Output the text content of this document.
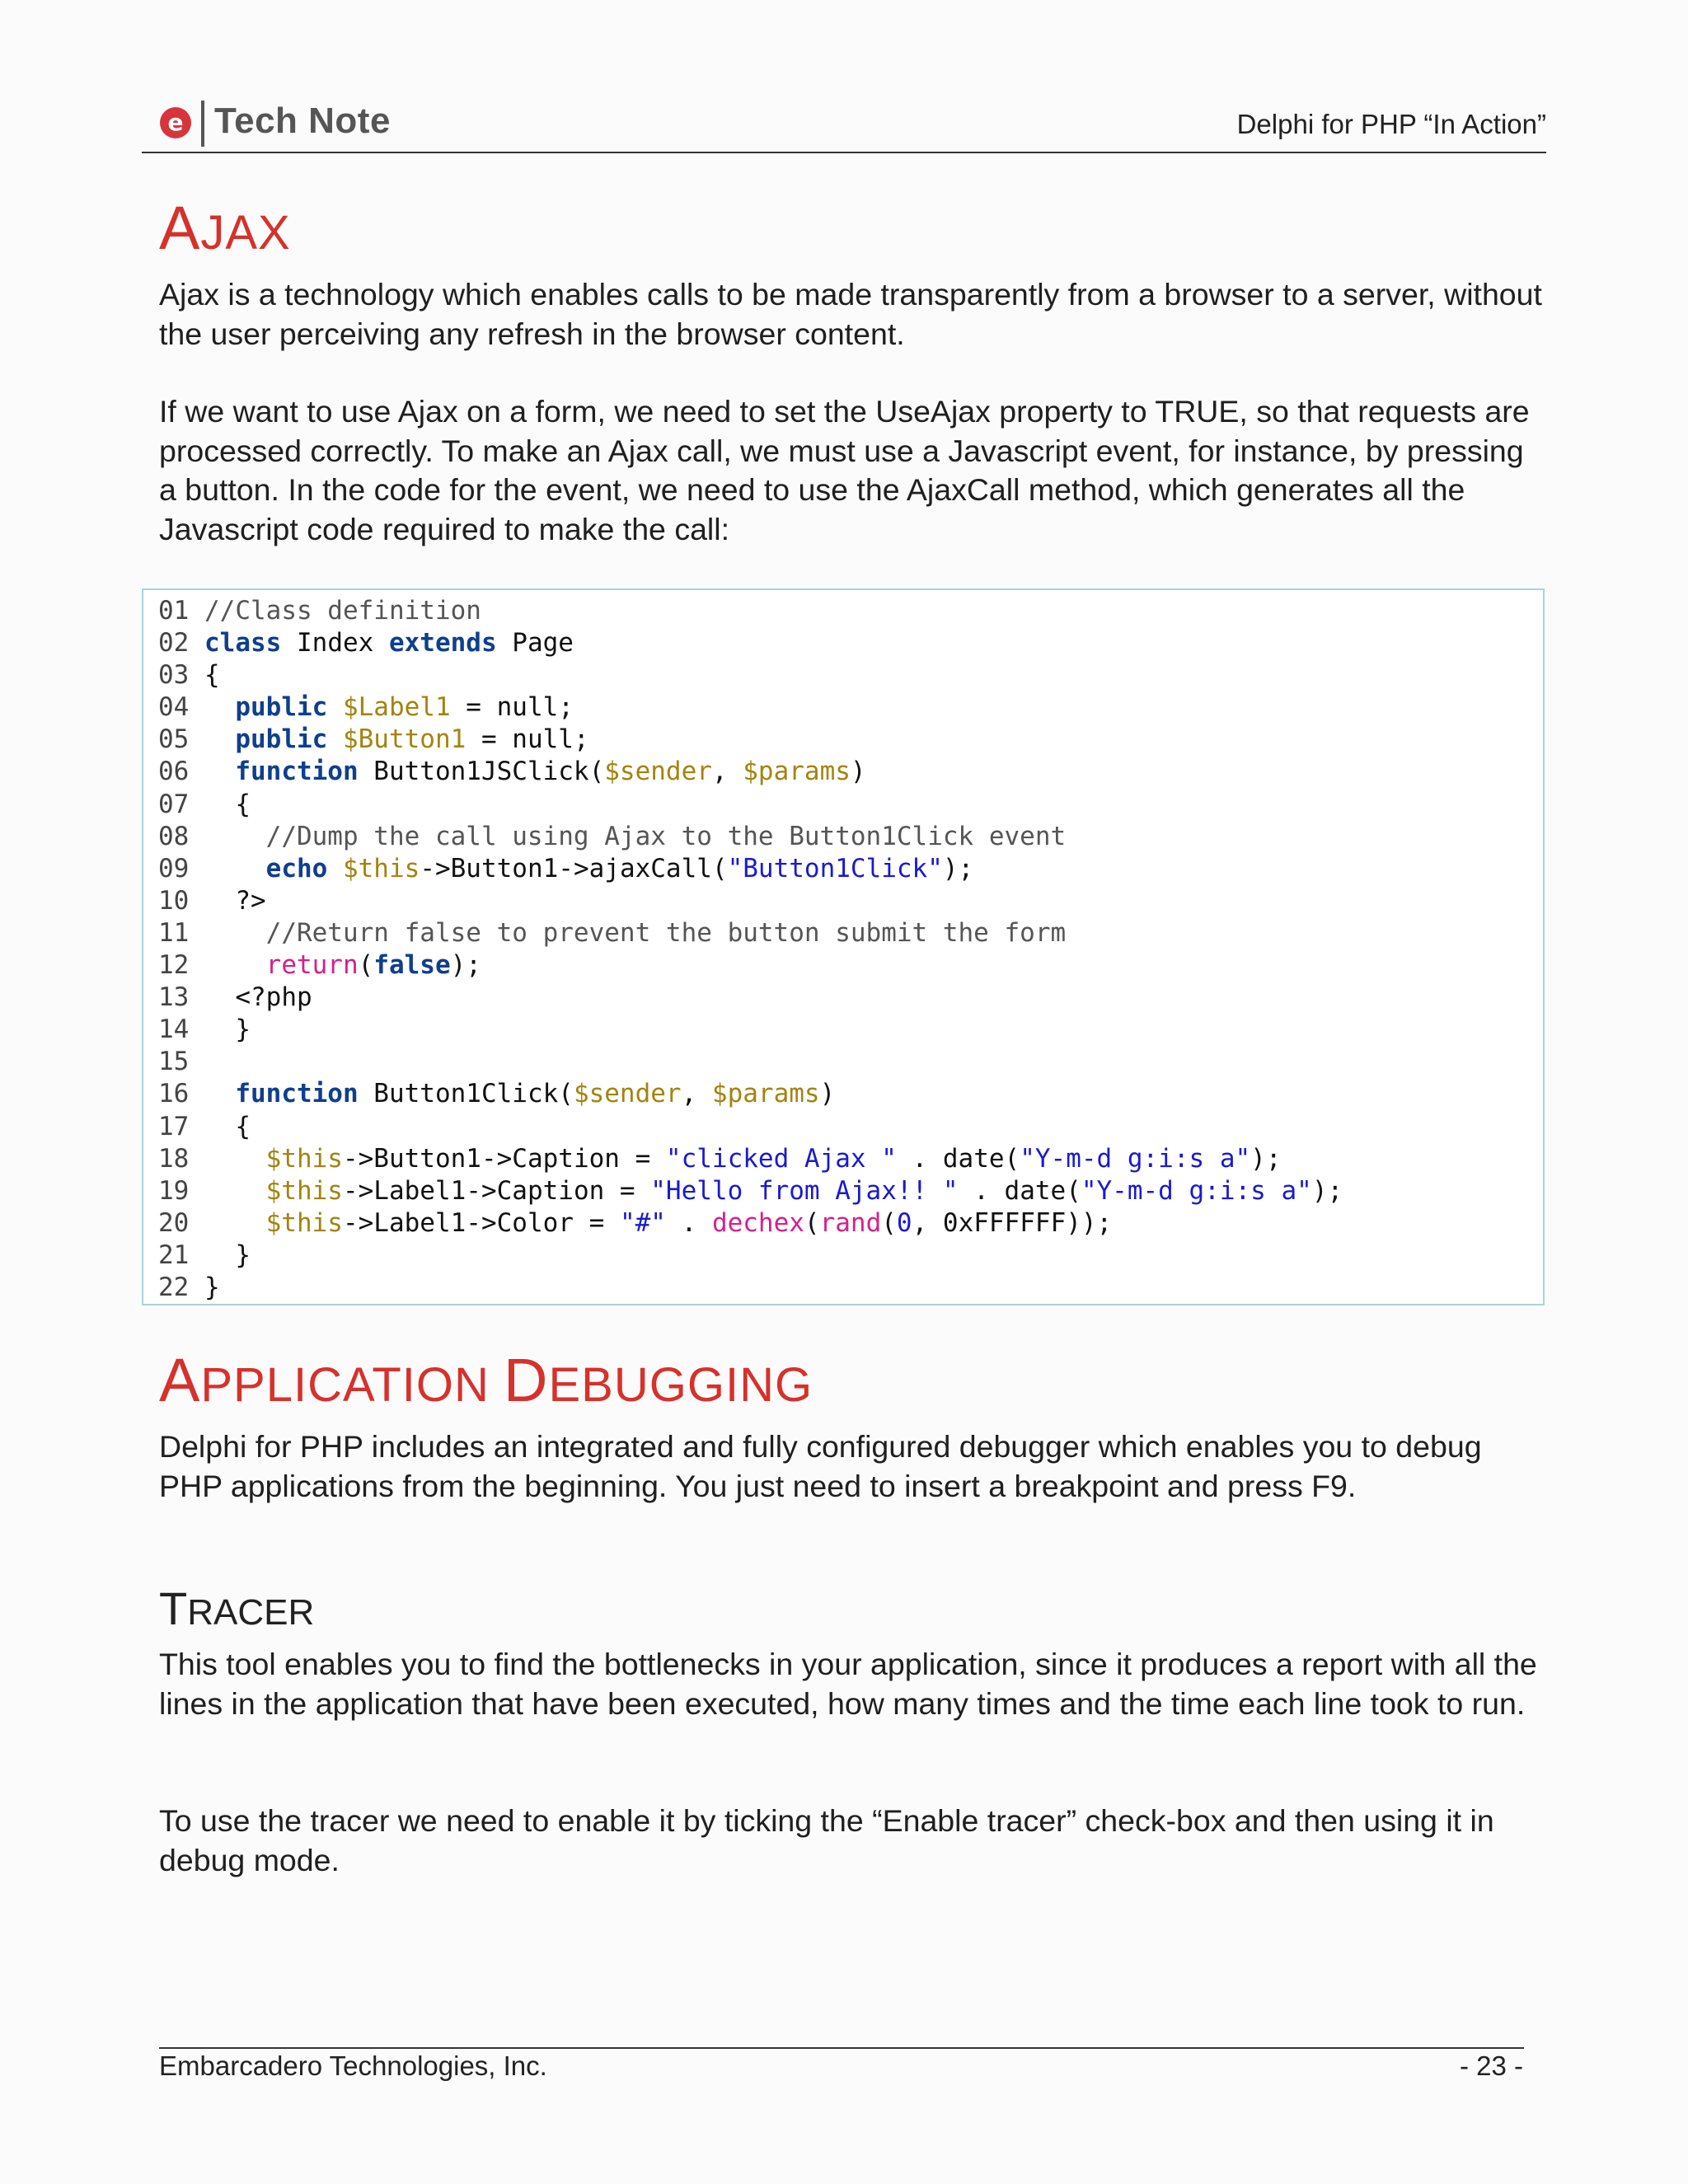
e Tech Note	Delphi for PHP “In Action”
AJAX

Ajax is a technology which enables calls to be made transparently from a browser to a server, without the user perceiving any refresh in the browser content.

If we want to use Ajax on a form, we need to set the UseAjax property to TRUE, so that requests are processed correctly. To make an Ajax call, we must use a Javascript event, for instance, by pressing a button. In the code for the event, we need to use the AjaxCall method, which generates all the Javascript code required to make the call:

01 //Class definition
02 class Index extends Page
03 {
04   public $Label1 = null;
05   public $Button1 = null;
06   function Button1JSClick($sender, $params)
07   {
08     //Dump the call using Ajax to the Button1Click event
09     echo $this->Button1->ajaxCall("Button1Click");
10   ?>
11     //Return false to prevent the button submit the form
12     return(false);
13   <?php
14   }
15
16   function Button1Click($sender, $params)
17   {
18     $this->Button1->Caption = "clicked Ajax " . date("Y-m-d g:i:s a");
19     $this->Label1->Caption = "Hello from Ajax!! " . date("Y-m-d g:i:s a");
20     $this->Label1->Color = "#" . dechex(rand(0, 0xFFFFFF));
21   }
22 }
APPLICATION DEBUGGING

Delphi for PHP includes an integrated and fully configured debugger which enables you to debug PHP applications from the beginning. You just need to insert a breakpoint and press F9.

TRACER

This tool enables you to find the bottlenecks in your application, since it produces a report with all the lines in the application that have been executed, how many times and the time each line took to run.

To use the tracer we need to enable it by ticking the “Enable tracer” check-box and then using it in debug mode.

Embarcadero Technologies, Inc.	- 23 -
